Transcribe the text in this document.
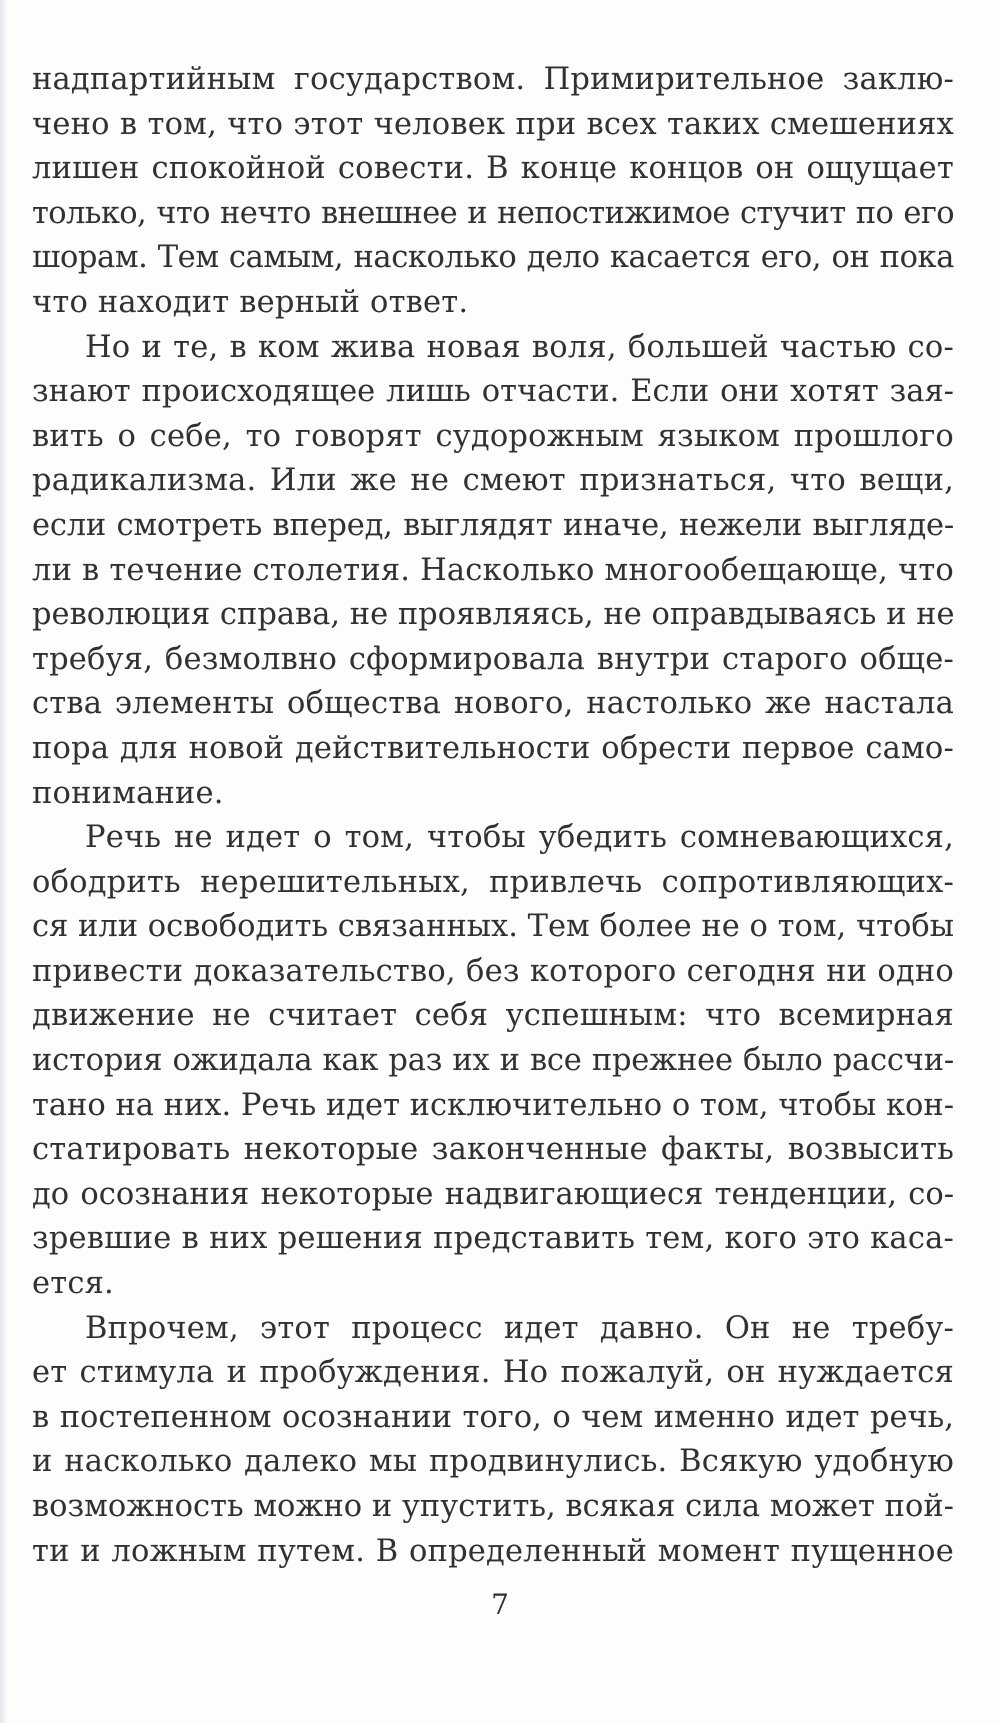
надпартийным государством. Примирительное заклю-
чено в том, что этот человек при всех таких смешениях
лишен спокойной совести. В конце концов он ощущает
только, что нечто внешнее и непостижимое стучит по его
шорам. Тем самым, насколько дело касается его, он пока
что находит верный ответ.
Но и те, в ком жива новая воля, большей частью со-
знают происходящее лишь отчасти. Если они хотят зая-
вить о себе, то говорят судорожным языком прошлого
радикализма. Или же не смеют признаться, что вещи,
если смотреть вперед, выглядят иначе, нежели выгляде-
ли в течение столетия. Насколько многообещающе, что
революция справа, не проявляясь, не оправдываясь и не
требуя, безмолвно сформировала внутри старого обще-
ства элементы общества нового, настолько же настала
пора для новой действительности обрести первое само-
понимание.
Речь не идет о том, чтобы убедить сомневающихся,
ободрить нерешительных, привлечь сопротивляющих-
ся или освободить связанных. Тем более не о том, чтобы
привести доказательство, без которого сегодня ни одно
движение не считает себя успешным: что всемирная
история ожидала как раз их и все прежнее было рассчи-
тано на них. Речь идет исключительно о том, чтобы кон-
статировать некоторые законченные факты, возвысить
до осознания некоторые надвигающиеся тенденции, со-
зревшие в них решения представить тем, кого это каса-
ется.
Впрочем, этот процесс идет давно. Он не требу-
ет стимула и пробуждения. Но пожалуй, он нуждается
в постепенном осознании того, о чем именно идет речь,
и насколько далеко мы продвинулись. Всякую удобную
возможность можно и упустить, всякая сила может пой-
ти и ложным путем. В определенный момент пущенное
7
